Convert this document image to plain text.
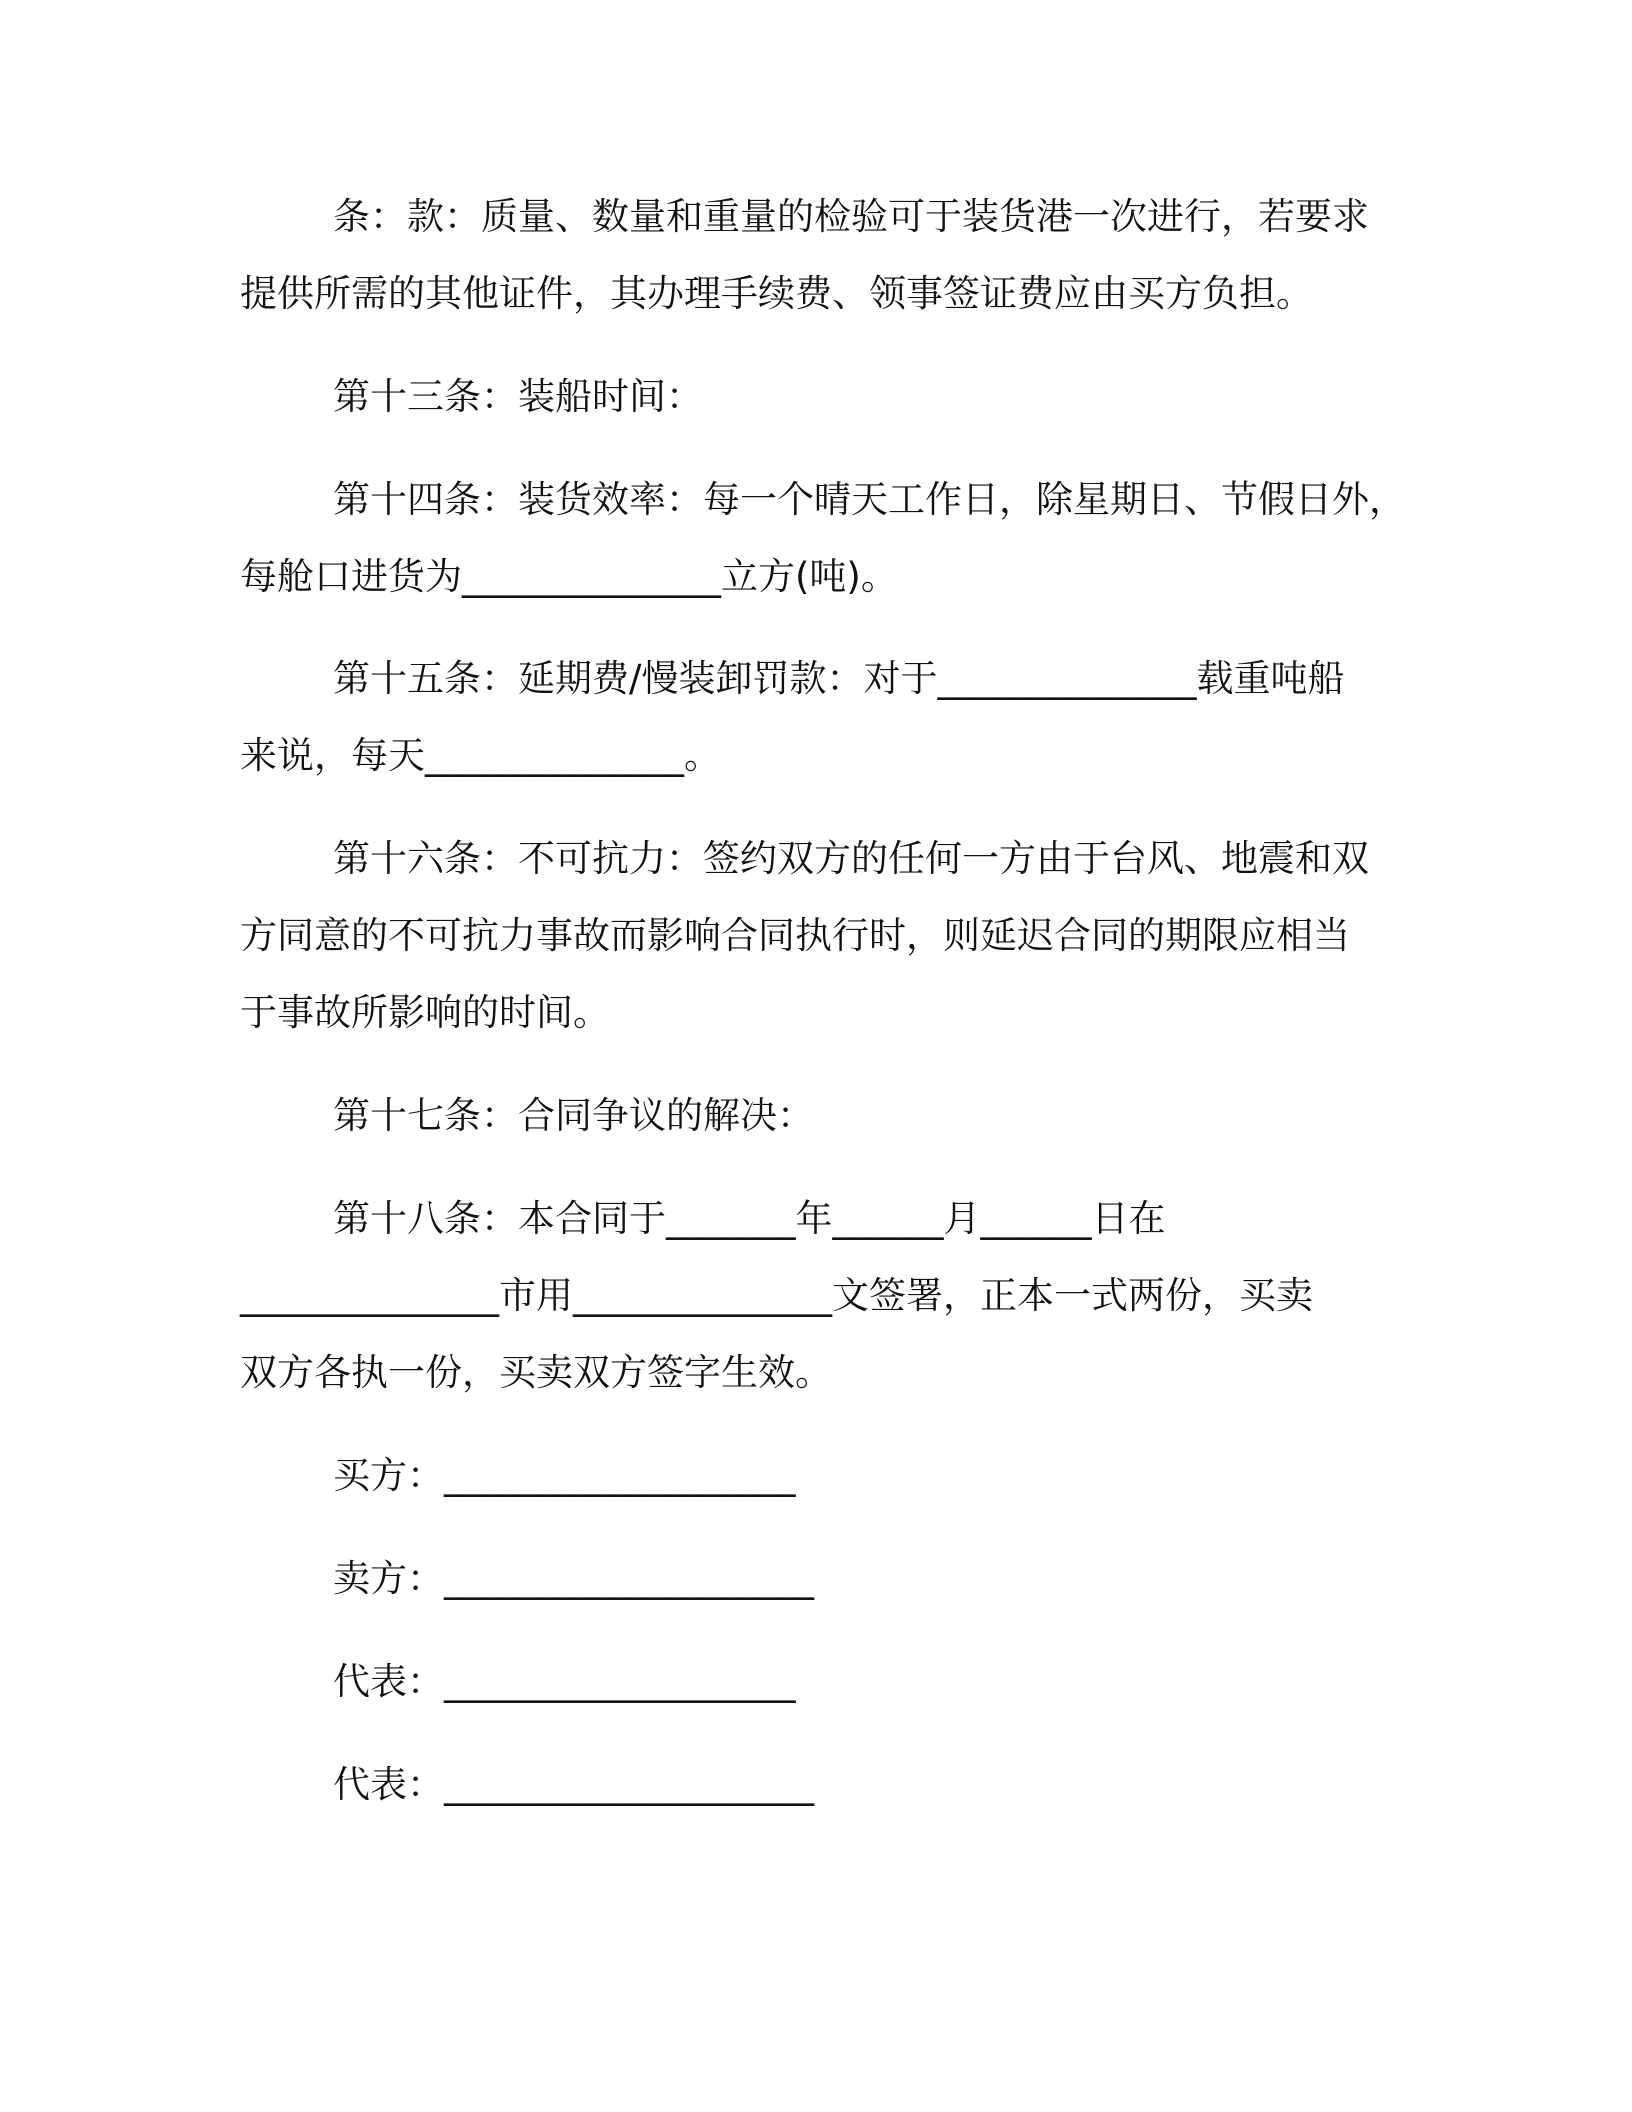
条：款：质量、数量和重量的检验可于装货港一次进行，若要求
提供所需的其他证件，其办理手续费、领事签证费应由买方负担。
第十三条：装船时间：
第十四条：装货效率：每一个晴天工作日，除星期日、节假日外，
每舱口进货为______________立方(吨)。
第十五条：延期费/慢装卸罚款：对于______________载重吨船
来说，每天______________。
第十六条：不可抗力：签约双方的任何一方由于台风、地震和双
方同意的不可抗力事故而影响合同执行时，则延迟合同的期限应相当
于事故所影响的时间。
第十七条：合同争议的解决：
第十八条：本合同于_______年______月______日在
______________市用______________文签署，正本一式两份，买卖
双方各执一份，买卖双方签字生效。
买方：___________________
卖方：____________________
代表：___________________
代表：____________________
